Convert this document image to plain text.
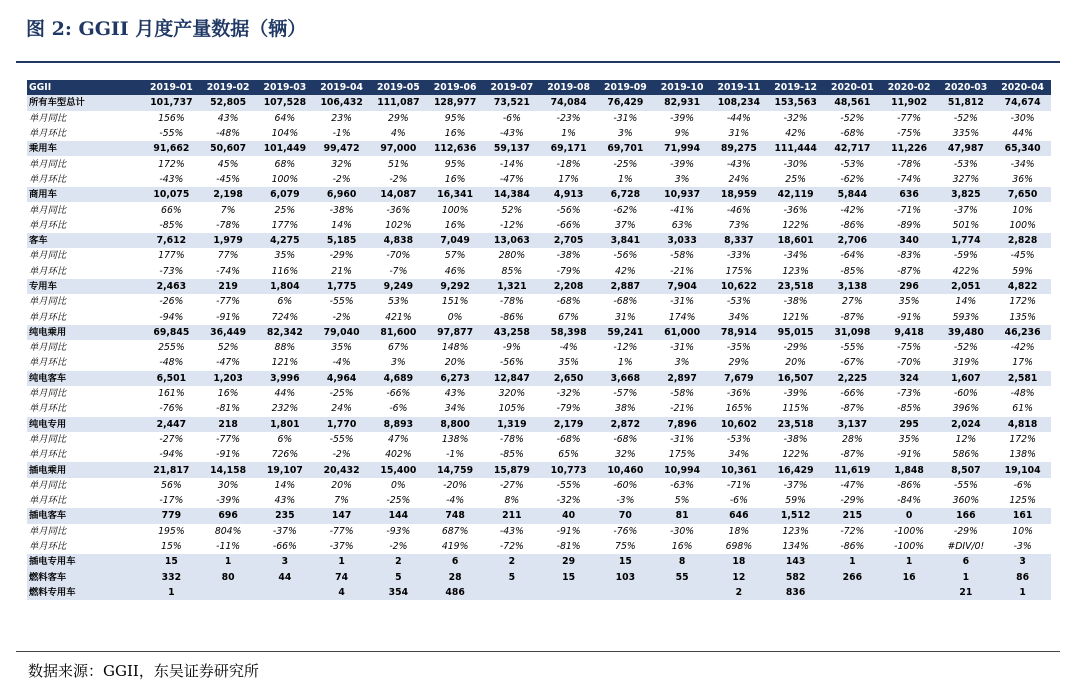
图 2: GGII 月度产量数据（辆）
GGII	2019-01	2019-02	2019-03	2019-04	2019-05	2019-06	2019-07	2019-08	2019-09	2019-10	2019-11	2019-12	2020-01	2020-02	2020-03	2020-04
所有车型总计	101,737	52,805	107,528	106,432	111,087	128,977	73,521	74,084	76,429	82,931	108,234	153,563	48,561	11,902	51,812	74,674
单月同比	156%	43%	64%	23%	29%	95%	-6%	-23%	-31%	-39%	-44%	-32%	-52%	-77%	-52%	-30%
单月环比	-55%	-48%	104%	-1%	4%	16%	-43%	1%	3%	9%	31%	42%	-68%	-75%	335%	44%
乘用车	91,662	50,607	101,449	99,472	97,000	112,636	59,137	69,171	69,701	71,994	89,275	111,444	42,717	11,226	47,987	65,340
单月同比	172%	45%	68%	32%	51%	95%	-14%	-18%	-25%	-39%	-43%	-30%	-53%	-78%	-53%	-34%
单月环比	-43%	-45%	100%	-2%	-2%	16%	-47%	17%	1%	3%	24%	25%	-62%	-74%	327%	36%
商用车	10,075	2,198	6,079	6,960	14,087	16,341	14,384	4,913	6,728	10,937	18,959	42,119	5,844	636	3,825	7,650
单月同比	66%	7%	25%	-38%	-36%	100%	52%	-56%	-62%	-41%	-46%	-36%	-42%	-71%	-37%	10%
单月环比	-85%	-78%	177%	14%	102%	16%	-12%	-66%	37%	63%	73%	122%	-86%	-89%	501%	100%
客车	7,612	1,979	4,275	5,185	4,838	7,049	13,063	2,705	3,841	3,033	8,337	18,601	2,706	340	1,774	2,828
单月同比	177%	77%	35%	-29%	-70%	57%	280%	-38%	-56%	-58%	-33%	-34%	-64%	-83%	-59%	-45%
单月环比	-73%	-74%	116%	21%	-7%	46%	85%	-79%	42%	-21%	175%	123%	-85%	-87%	422%	59%
专用车	2,463	219	1,804	1,775	9,249	9,292	1,321	2,208	2,887	7,904	10,622	23,518	3,138	296	2,051	4,822
单月同比	-26%	-77%	6%	-55%	53%	151%	-78%	-68%	-68%	-31%	-53%	-38%	27%	35%	14%	172%
单月环比	-94%	-91%	724%	-2%	421%	0%	-86%	67%	31%	174%	34%	121%	-87%	-91%	593%	135%
纯电乘用	69,845	36,449	82,342	79,040	81,600	97,877	43,258	58,398	59,241	61,000	78,914	95,015	31,098	9,418	39,480	46,236
单月同比	255%	52%	88%	35%	67%	148%	-9%	-4%	-12%	-31%	-35%	-29%	-55%	-75%	-52%	-42%
单月环比	-48%	-47%	121%	-4%	3%	20%	-56%	35%	1%	3%	29%	20%	-67%	-70%	319%	17%
纯电客车	6,501	1,203	3,996	4,964	4,689	6,273	12,847	2,650	3,668	2,897	7,679	16,507	2,225	324	1,607	2,581
单月同比	161%	16%	44%	-25%	-66%	43%	320%	-32%	-57%	-58%	-36%	-39%	-66%	-73%	-60%	-48%
单月环比	-76%	-81%	232%	24%	-6%	34%	105%	-79%	38%	-21%	165%	115%	-87%	-85%	396%	61%
纯电专用	2,447	218	1,801	1,770	8,893	8,800	1,319	2,179	2,872	7,896	10,602	23,518	3,137	295	2,024	4,818
单月同比	-27%	-77%	6%	-55%	47%	138%	-78%	-68%	-68%	-31%	-53%	-38%	28%	35%	12%	172%
单月环比	-94%	-91%	726%	-2%	402%	-1%	-85%	65%	32%	175%	34%	122%	-87%	-91%	586%	138%
插电乘用	21,817	14,158	19,107	20,432	15,400	14,759	15,879	10,773	10,460	10,994	10,361	16,429	11,619	1,848	8,507	19,104
单月同比	56%	30%	14%	20%	0%	-20%	-27%	-55%	-60%	-63%	-71%	-37%	-47%	-86%	-55%	-6%
单月环比	-17%	-39%	43%	7%	-25%	-4%	8%	-32%	-3%	5%	-6%	59%	-29%	-84%	360%	125%
插电客车	779	696	235	147	144	748	211	40	70	81	646	1,512	215	0	166	161
单月同比	195%	804%	-37%	-77%	-93%	687%	-43%	-91%	-76%	-30%	18%	123%	-72%	-100%	-29%	10%
单月环比	15%	-11%	-66%	-37%	-2%	419%	-72%	-81%	75%	16%	698%	134%	-86%	-100%	#DIV/0!	-3%
插电专用车	15	1	3	1	2	6	2	29	15	8	18	143	1	1	6	3
燃料客车	332	80	44	74	5	28	5	15	103	55	12	582	266	16	1	86
燃料专用车	1			4	354	486					2	836			21	1
数据来源：GGII，东吴证券研究所
